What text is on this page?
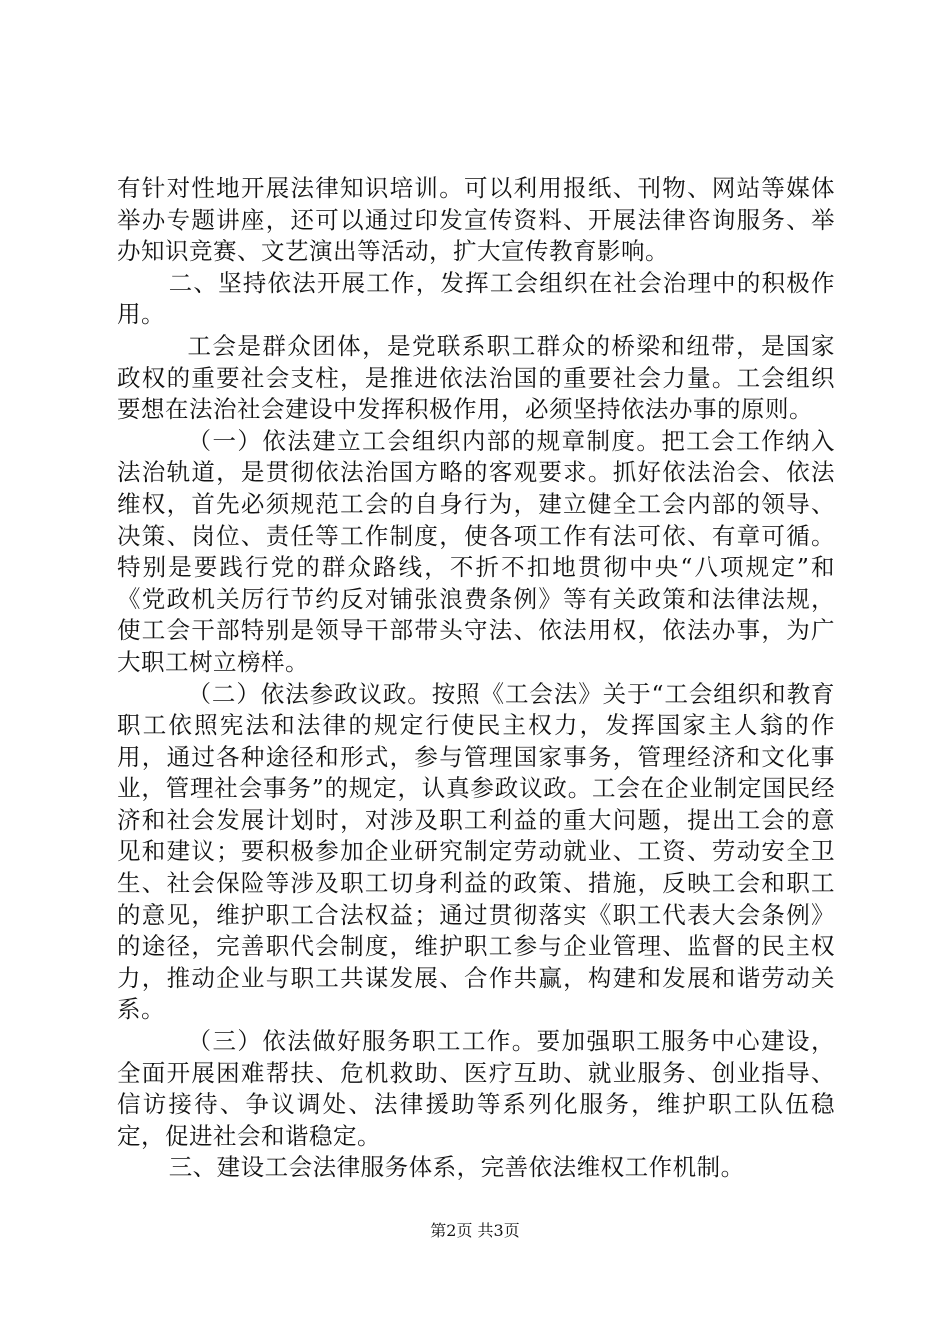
有针对性地开展法律知识培训。可以利用报纸、刊物、网站等媒体举办专题讲座，还可以通过印发宣传资料、开展法律咨询服务、举办知识竞赛、文艺演出等活动，扩大宣传教育影响。

二、坚持依法开展工作，发挥工会组织在社会治理中的积极作用。

工会是群众团体，是党联系职工群众的桥梁和纽带，是国家政权的重要社会支柱，是推进依法治国的重要社会力量。工会组织要想在法治社会建设中发挥积极作用，必须坚持依法办事的原则。

（一）依法建立工会组织内部的规章制度。把工会工作纳入法治轨道，是贯彻依法治国方略的客观要求。抓好依法治会、依法维权，首先必须规范工会的自身行为，建立健全工会内部的领导、决策、岗位、责任等工作制度，使各项工作有法可依、有章可循。特别是要践行党的群众路线，不折不扣地贯彻中央“八项规定”和《党政机关厉行节约反对铺张浪费条例》等有关政策和法律法规，使工会干部特别是领导干部带头守法、依法用权，依法办事，为广大职工树立榜样。

（二）依法参政议政。按照《工会法》关于“工会组织和教育职工依照宪法和法律的规定行使民主权力，发挥国家主人翁的作用，通过各种途径和形式，参与管理国家事务，管理经济和文化事业，管理社会事务”的规定，认真参政议政。工会在企业制定国民经济和社会发展计划时，对涉及职工利益的重大问题，提出工会的意见和建议；要积极参加企业研究制定劳动就业、工资、劳动安全卫生、社会保险等涉及职工切身利益的政策、措施，反映工会和职工的意见，维护职工合法权益；通过贯彻落实《职工代表大会条例》的途径，完善职代会制度，维护职工参与企业管理、监督的民主权力，推动企业与职工共谋发展、合作共赢，构建和发展和谐劳动关系。

（三）依法做好服务职工工作。要加强职工服务中心建设，全面开展困难帮扶、危机救助、医疗互助、就业服务、创业指导、信访接待、争议调处、法律援助等系列化服务，维护职工队伍稳定，促进社会和谐稳定。

三、建设工会法律服务体系，完善依法维权工作机制。

第2页 共3页
